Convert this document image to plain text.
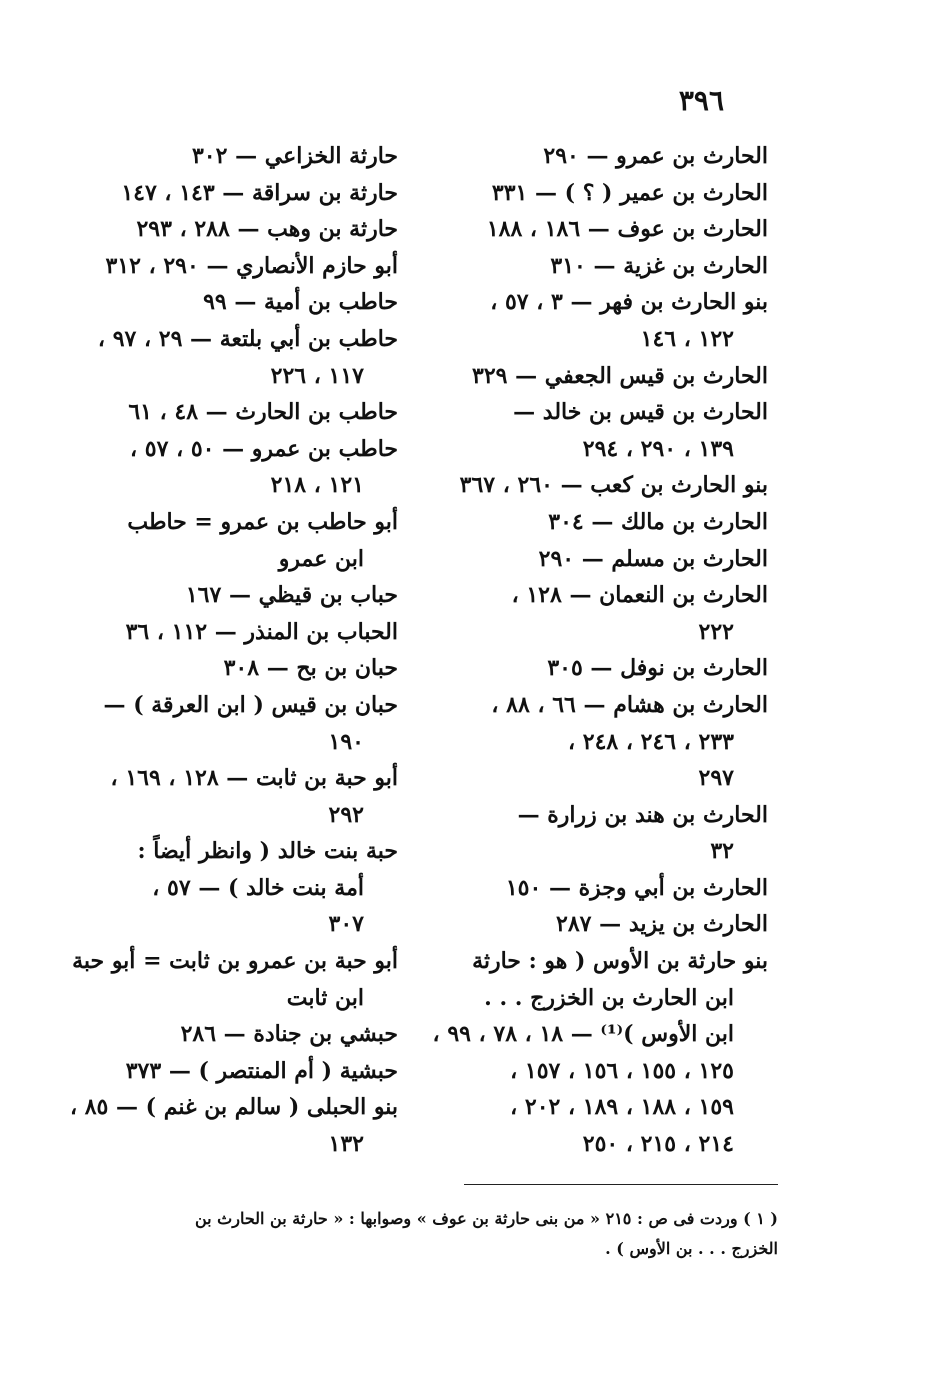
٣٩٦
الحارث بن عمرو — ٢٩٠
الحارث بن عمير ( ؟ ) — ٣٣١
الحارث بن عوف — ١٨٦ ، ١٨٨
الحارث بن غزية — ٣١٠
بنو الحارث بن فهر — ٣ ، ٥٧ ،
١٢٢ ، ١٤٦
الحارث بن قيس الجعفي — ٣٢٩
الحارث بن قيس بن خالد —
١٣٩ ، ٢٩٠ ، ٢٩٤
بنو الحارث بن كعب — ٢٦٠ ، ٣٦٧
الحارث بن مالك — ٣٠٤
الحارث بن مسلم — ٢٩٠
الحارث بن النعمان — ١٢٨ ،
٢٢٢
الحارث بن نوفل — ٣٠٥
الحارث بن هشام — ٦٦ ، ٨٨ ،
٢٣٣ ، ٢٤٦ ، ٢٤٨ ،
٢٩٧
الحارث بن هند بن زرارة —
٣٢
الحارث بن أبي وجزة — ١٥٠
الحارث بن يزيد — ٢٨٧
بنو حارثة بن الأوس ( هو : حارثة
ابن الحارث بن الخزرج . . .
ابن الأوس )⁽¹⁾ — ١٨ ، ٧٨ ، ٩٩ ،
١٢٥ ، ١٥٥ ، ١٥٦ ، ١٥٧ ،
١٥٩ ، ١٨٨ ، ١٨٩ ، ٢٠٢ ،
٢١٤ ، ٢١٥ ، ٢٥٠
حارثة الخزاعي — ٣٠٢
حارثة بن سراقة — ١٤٣ ، ١٤٧
حارثة بن وهب — ٢٨٨ ، ٢٩٣
أبو حازم الأنصاري — ٢٩٠ ، ٣١٢
حاطب بن أمية — ٩٩
حاطب بن أبي بلتعة — ٢٩ ، ٩٧ ،
١١٧ ، ٢٢٦
حاطب بن الحارث — ٤٨ ، ٦١
حاطب بن عمرو — ٥٠ ، ٥٧ ،
١٢١ ، ٢١٨
أبو حاطب بن عمرو = حاطب
ابن عمرو
حباب بن قيظي — ١٦٧
الحباب بن المنذر — ١١٢ ، ٣٦
حبان بن بح — ٣٠٨
حبان بن قيس ( ابن العرقة ) —
١٩٠
أبو حبة بن ثابت — ١٢٨ ، ١٦٩ ،
٢٩٢
حبة بنت خالد ( وانظر أيضاً :
أمة بنت خالد ) — ٥٧ ،
٣٠٧
أبو حبة بن عمرو بن ثابت = أبو حبة
ابن ثابت
حبشي بن جنادة — ٢٨٦
حبشية ( أم المنتصر ) — ٣٧٣
بنو الحبلى ( سالم بن غنم ) — ٨٥ ،
١٣٢
( ١ ) وردت فى ص : ٢١٥ « من بنى حارثة بن عوف » وصوابها : « حارثة بن الحارث بن
الخزرج . . . بن الأوس ) .
